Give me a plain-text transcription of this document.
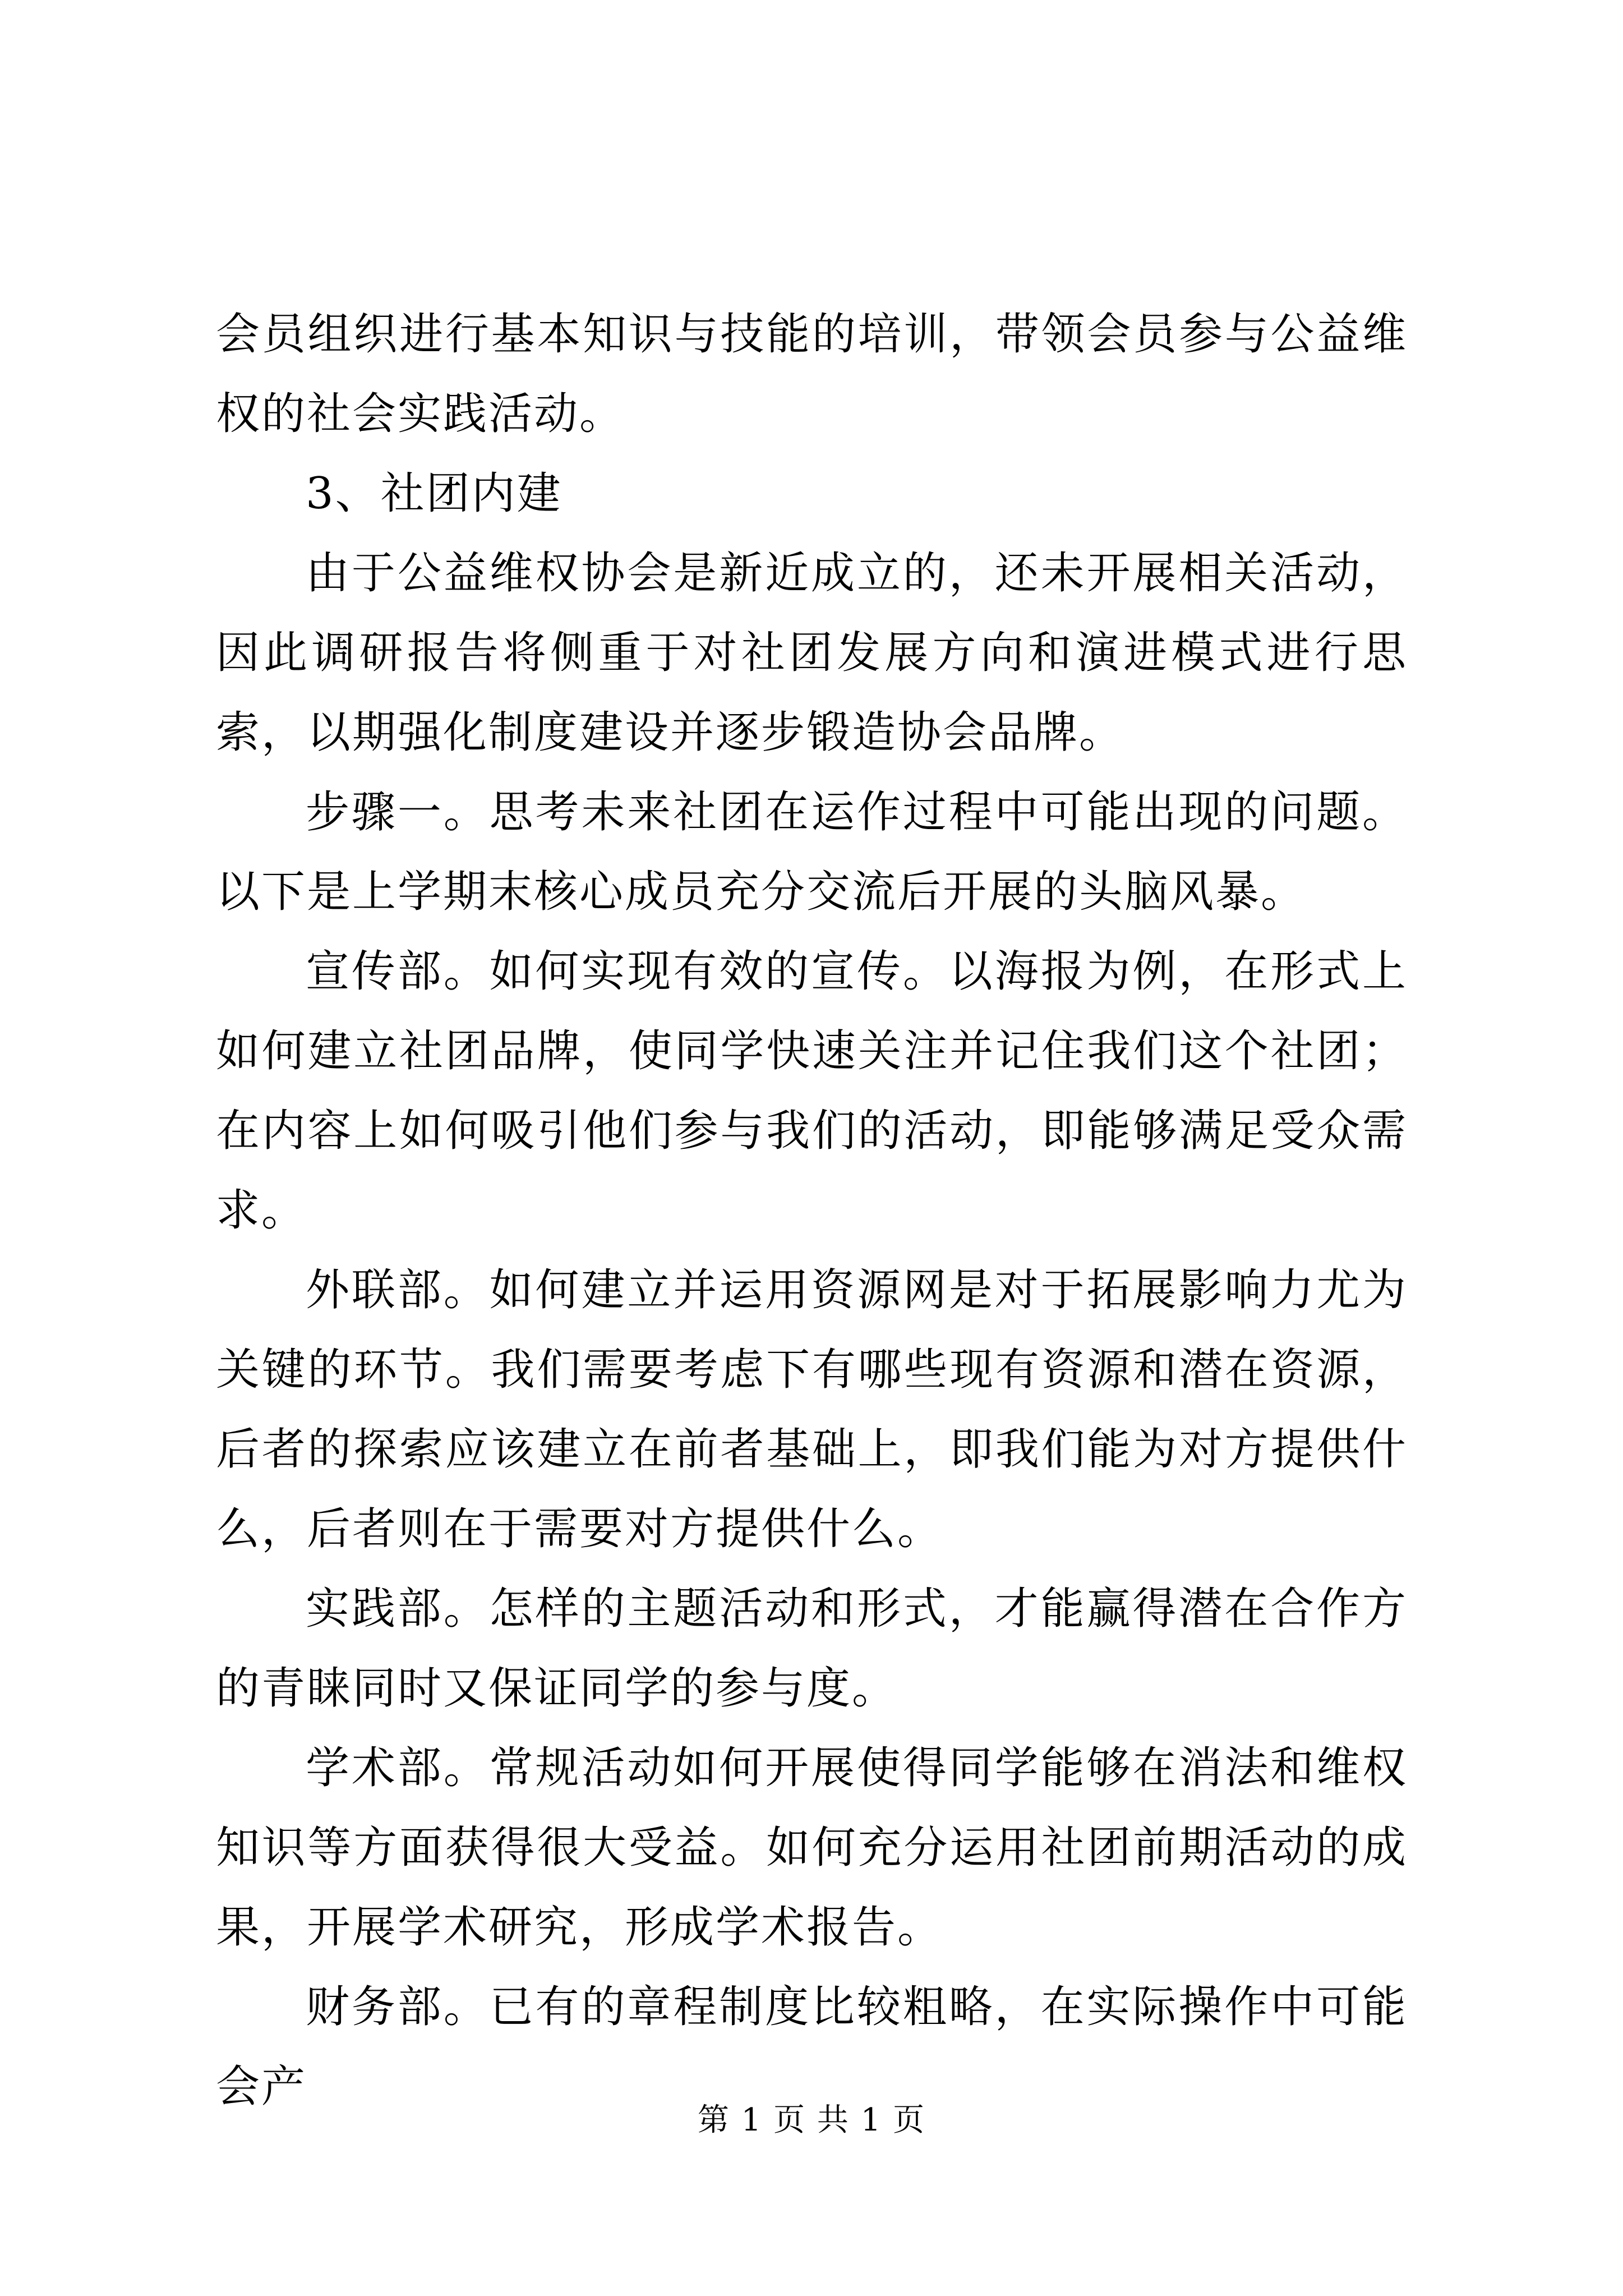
会员组织进行基本知识与技能的培训，带领会员参与公益维权的社会实践活动。

3、社团内建

由于公益维权协会是新近成立的，还未开展相关活动，因此调研报告将侧重于对社团发展方向和演进模式进行思索，以期强化制度建设并逐步锻造协会品牌。

步骤一。思考未来社团在运作过程中可能出现的问题。以下是上学期末核心成员充分交流后开展的头脑风暴。

宣传部。如何实现有效的宣传。以海报为例，在形式上如何建立社团品牌，使同学快速关注并记住我们这个社团；在内容上如何吸引他们参与我们的活动，即能够满足受众需求。

外联部。如何建立并运用资源网是对于拓展影响力尤为关键的环节。我们需要考虑下有哪些现有资源和潜在资源，后者的探索应该建立在前者基础上，即我们能为对方提供什么，后者则在于需要对方提供什么。

实践部。怎样的主题活动和形式，才能赢得潜在合作方的青睐同时又保证同学的参与度。

学术部。常规活动如何开展使得同学能够在消法和维权知识等方面获得很大受益。如何充分运用社团前期活动的成果，开展学术研究，形成学术报告。

财务部。已有的章程制度比较粗略，在实际操作中可能会产

第 1 页 共 1 页
